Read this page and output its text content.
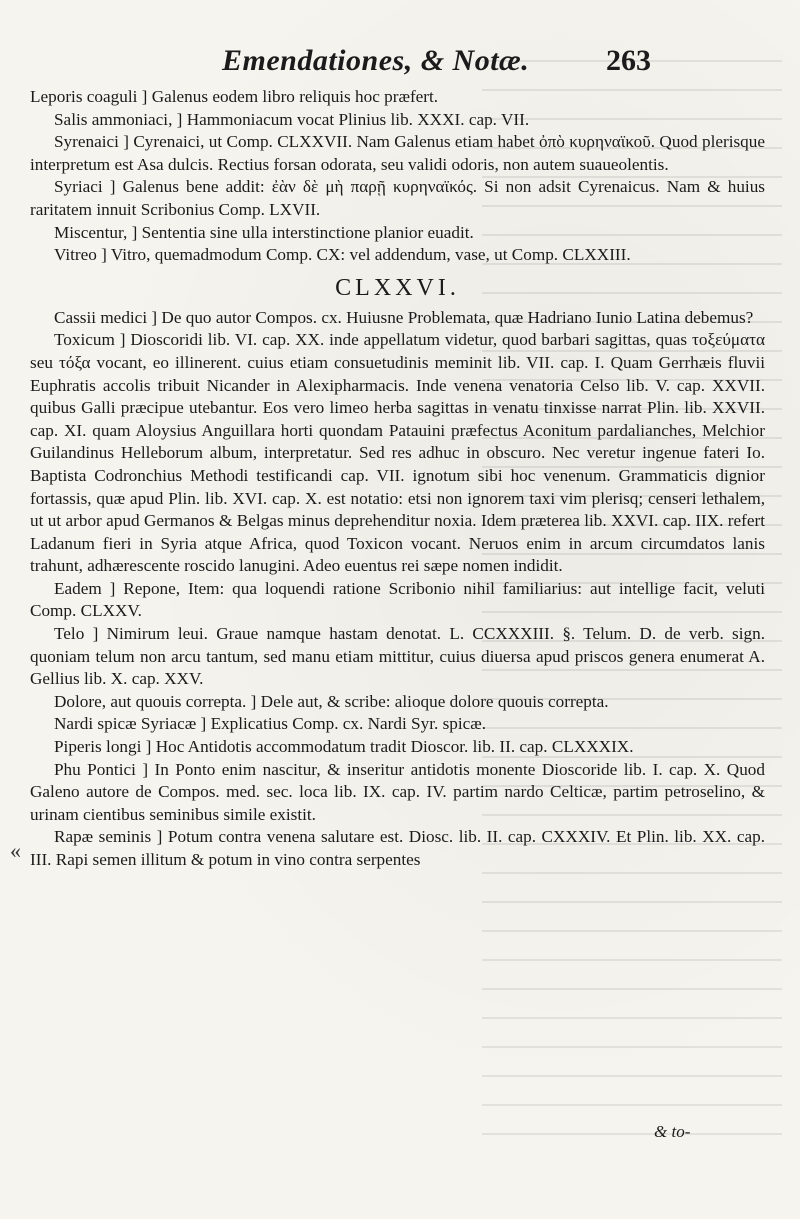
«
Emendationes, & Notæ.	263

Leporis coaguli ] Galenus eodem libro reliquis hoc præfert.

Salis ammoniaci, ] Hammoniacum vocat Plinius lib. XXXI. cap. VII.

Syrenaici ] Cyrenaici, ut Comp. CLXXVII. Nam Galenus etiam habet ὀπὸ κυρηναϊκοῦ. Quod plerisque interpretum est Asa dulcis. Rectius forsan odorata, seu validi odoris, non autem suaueolentis.

Syriaci ] Galenus bene addit: ἐὰν δὲ μὴ παρῇ κυρηναϊκός. Si non adsit Cyrenaicus. Nam & huius raritatem innuit Scribonius Comp. LXVII.

Miscentur, ] Sententia sine ulla interstinctione planior euadit.

Vitreo ] Vitro, quemadmodum Comp. CX: vel addendum, vase, ut Comp. CLXXIII.

CLXXVI.

Cassii medici ] De quo autor Compos. cx. Huiusne Problemata, quæ Hadriano Iunio Latina debemus?

Toxicum ] Dioscoridi lib. VI. cap. XX. inde appellatum videtur, quod barbari sagittas, quas τοξεύματα seu τόξα vocant, eo illinerent. cuius etiam consuetudinis meminit lib. VII. cap. I. Quam Gerrhæis fluvii Euphratis accolis tribuit Nicander in Alexipharmacis. Inde venena venatoria Celso lib. V. cap. XXVII. quibus Galli præcipue utebantur. Eos vero limeo herba sagittas in venatu tinxisse narrat Plin. lib. XXVII. cap. XI. quam Aloysius Anguillara horti quondam Patauini præfectus Aconitum pardalianches, Melchior Guilandinus Helleborum album, interpretatur. Sed res adhuc in obscuro. Nec veretur ingenue fateri Io. Baptista Codronchius Methodi testificandi cap. VII. ignotum sibi hoc venenum. Grammaticis dignior fortassis, quæ apud Plin. lib. XVI. cap. X. est notatio: etsi non ignorem taxi vim plerisq; censeri lethalem, ut ut arbor apud Germanos & Belgas minus deprehenditur noxia. Idem præterea lib. XXVI. cap. IIX. refert Ladanum fieri in Syria atque Africa, quod Toxicon vocant. Neruos enim in arcum circumdatos lanis trahunt, adhærescente roscido lanugini. Adeo euentus rei sæpe nomen indidit.

Eadem ] Repone, Item: qua loquendi ratione Scribonio nihil familiarius: aut intellige facit, veluti Comp. CLXXV.

Telo ] Nimirum leui. Graue namque hastam denotat. L. CCXXXIII. §. Telum. D. de verb. sign. quoniam telum non arcu tantum, sed manu etiam mittitur, cuius diuersa apud priscos genera enumerat A. Gellius lib. X. cap. XXV.

Dolore, aut quouis correpta. ] Dele aut, & scribe: alioque dolore quouis correpta.

Nardi spicæ Syriacæ ] Explicatius Comp. cx. Nardi Syr. spicæ.

Piperis longi ] Hoc Antidotis accommodatum tradit Dioscor. lib. II. cap. CLXXXIX.

Phu Pontici ] In Ponto enim nascitur, & inseritur antidotis monente Dioscoride lib. I. cap. X. Quod Galeno autore de Compos. med. sec. loca lib. IX. cap. IV. partim nardo Celticæ, partim petroselino, & urinam cientibus seminibus simile existit.

Rapæ seminis ] Potum contra venena salutare est. Diosc. lib. II. cap. CXXXIV. Et Plin. lib. XX. cap. III. Rapi semen illitum & potum in vino contra serpentes

& to-
